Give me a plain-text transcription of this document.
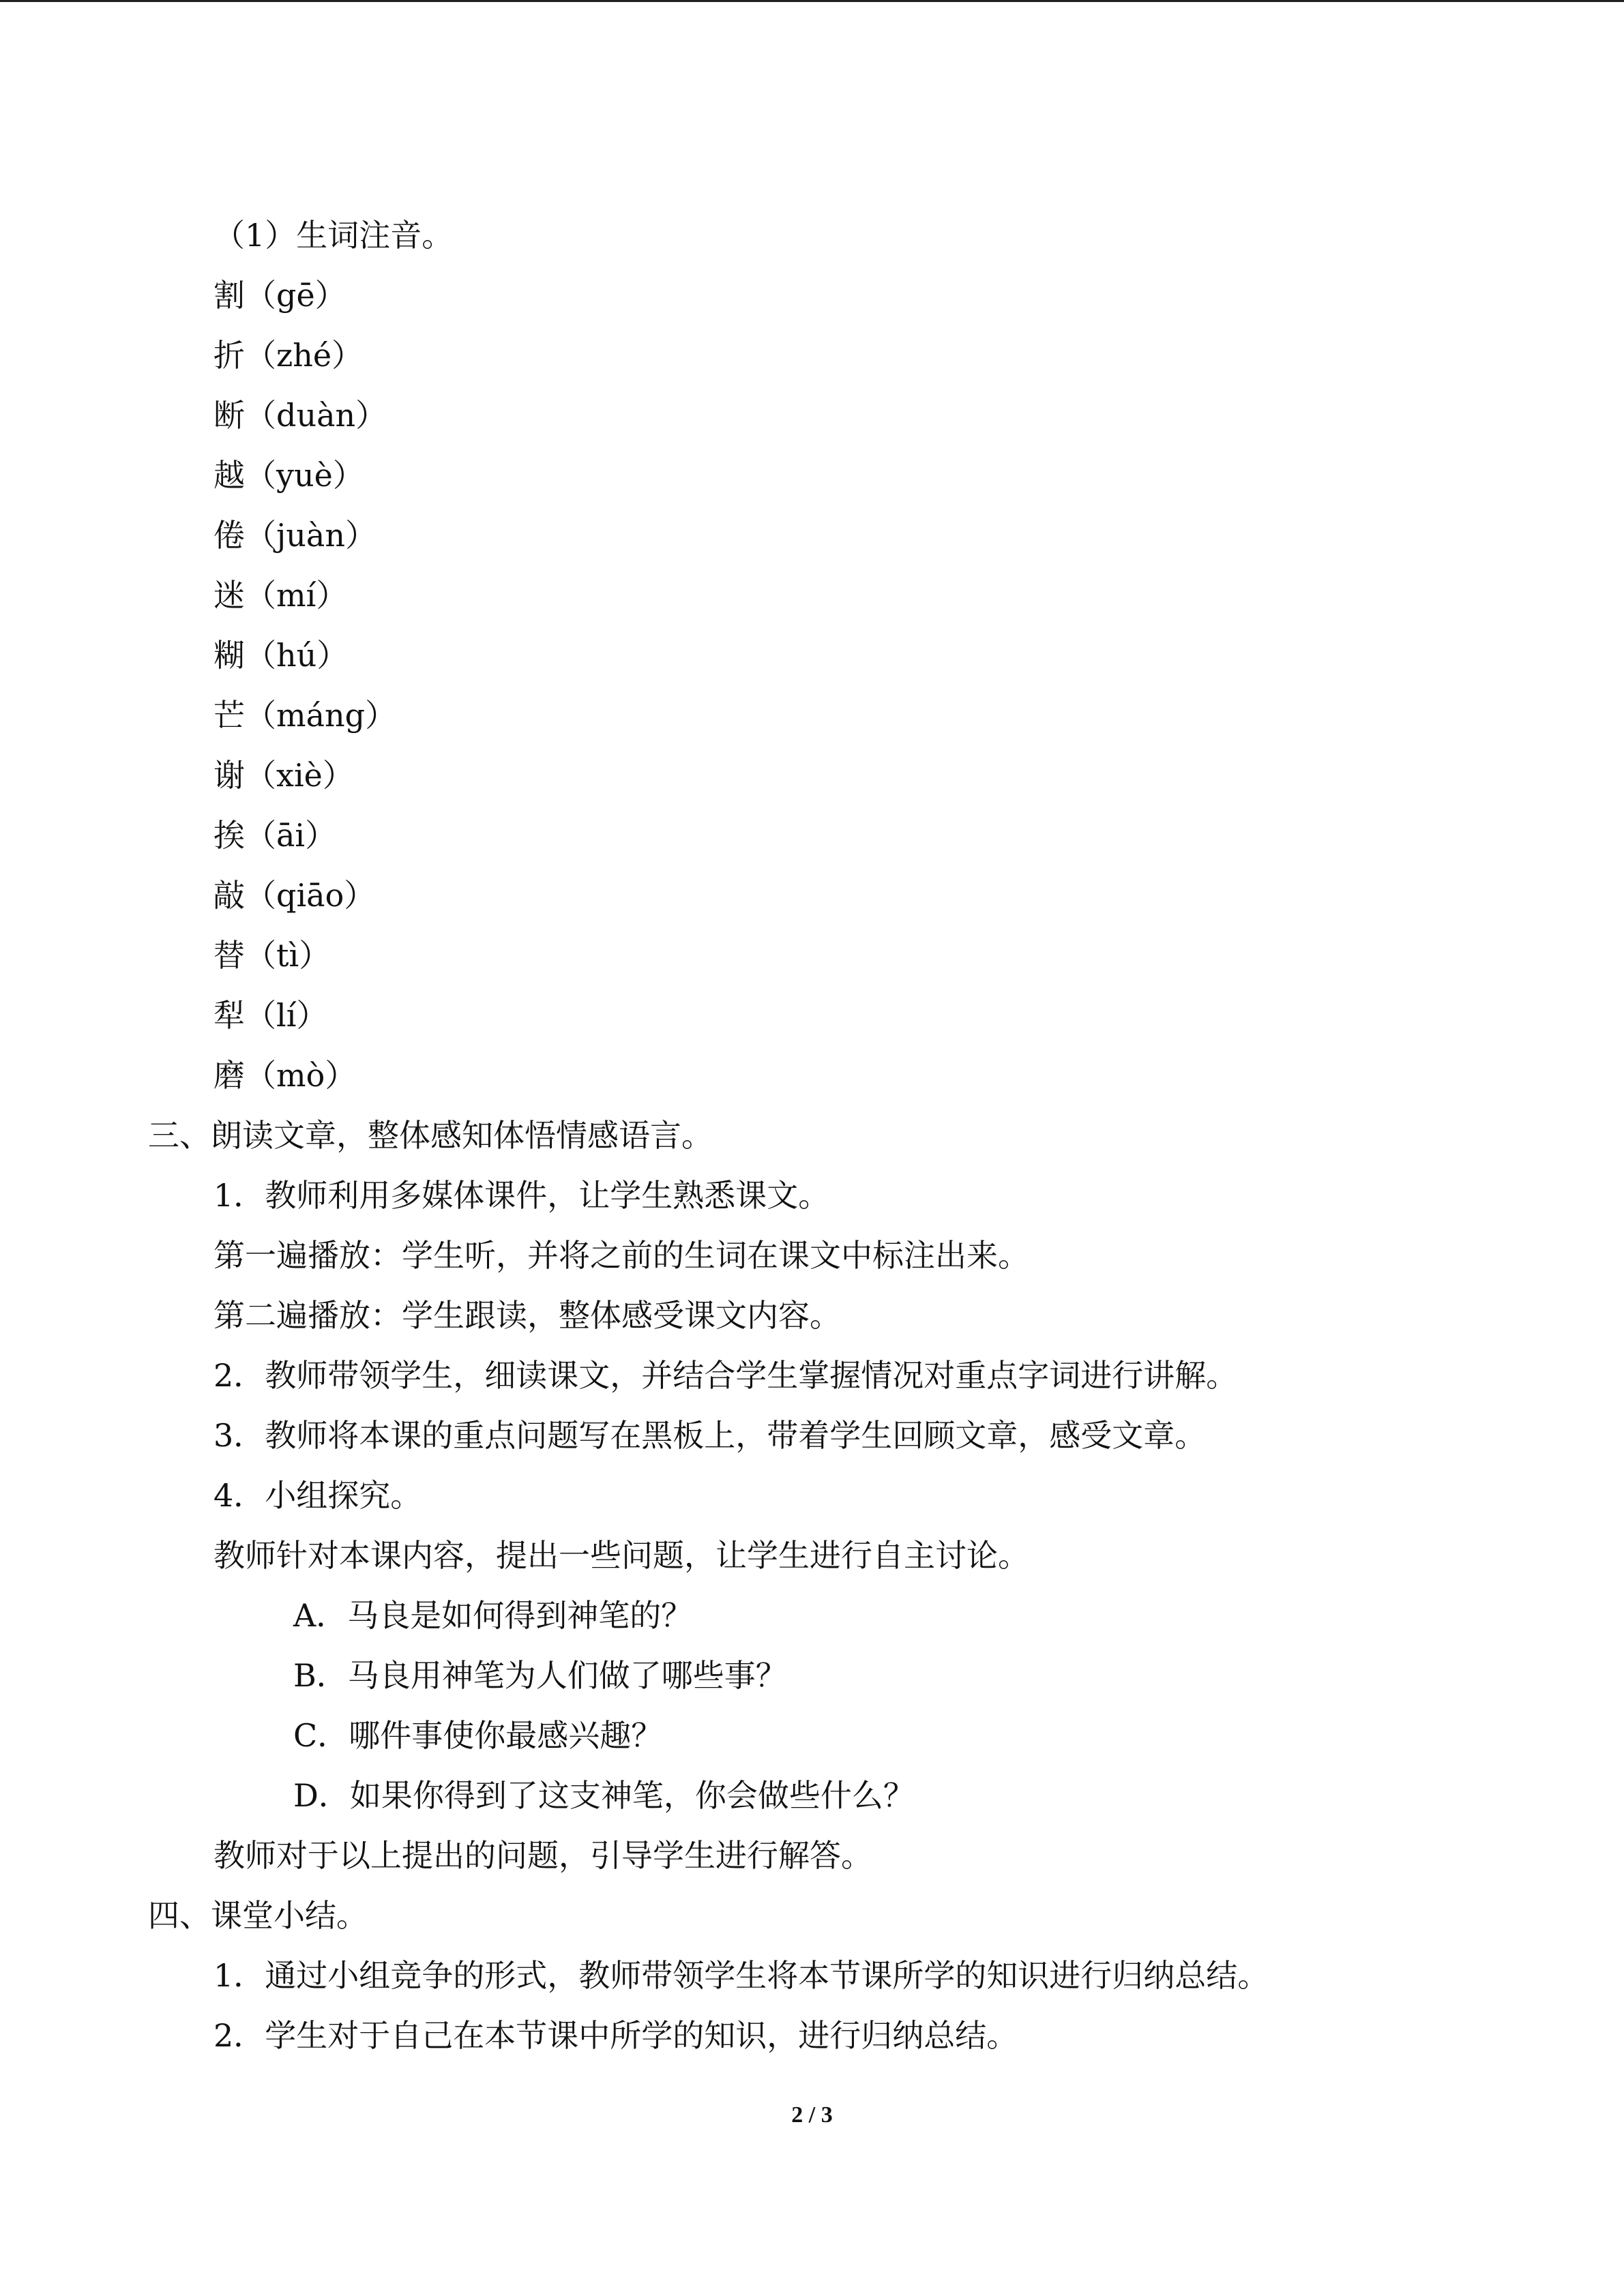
（1）生词注音。
割（gē）
折（zhé）
断（duàn）
越（yuè）
倦（juàn）
迷（mí）
糊（hú）
芒（máng）
谢（xiè）
挨（āi）
敲（qiāo）
替（tì）
犁（lí）
磨（mò）
三、朗读文章，整体感知体悟情感语言。
1．教师利用多媒体课件，让学生熟悉课文。
第一遍播放：学生听，并将之前的生词在课文中标注出来。
第二遍播放：学生跟读，整体感受课文内容。
2．教师带领学生，细读课文，并结合学生掌握情况对重点字词进行讲解。
3．教师将本课的重点问题写在黑板上，带着学生回顾文章，感受文章。
4．小组探究。
教师针对本课内容，提出一些问题，让学生进行自主讨论。
A．马良是如何得到神笔的？
B．马良用神笔为人们做了哪些事？
C．哪件事使你最感兴趣？
D．如果你得到了这支神笔，你会做些什么？
教师对于以上提出的问题，引导学生进行解答。
四、课堂小结。
1．通过小组竞争的形式，教师带领学生将本节课所学的知识进行归纳总结。
2．学生对于自己在本节课中所学的知识，进行归纳总结。
2 / 3
